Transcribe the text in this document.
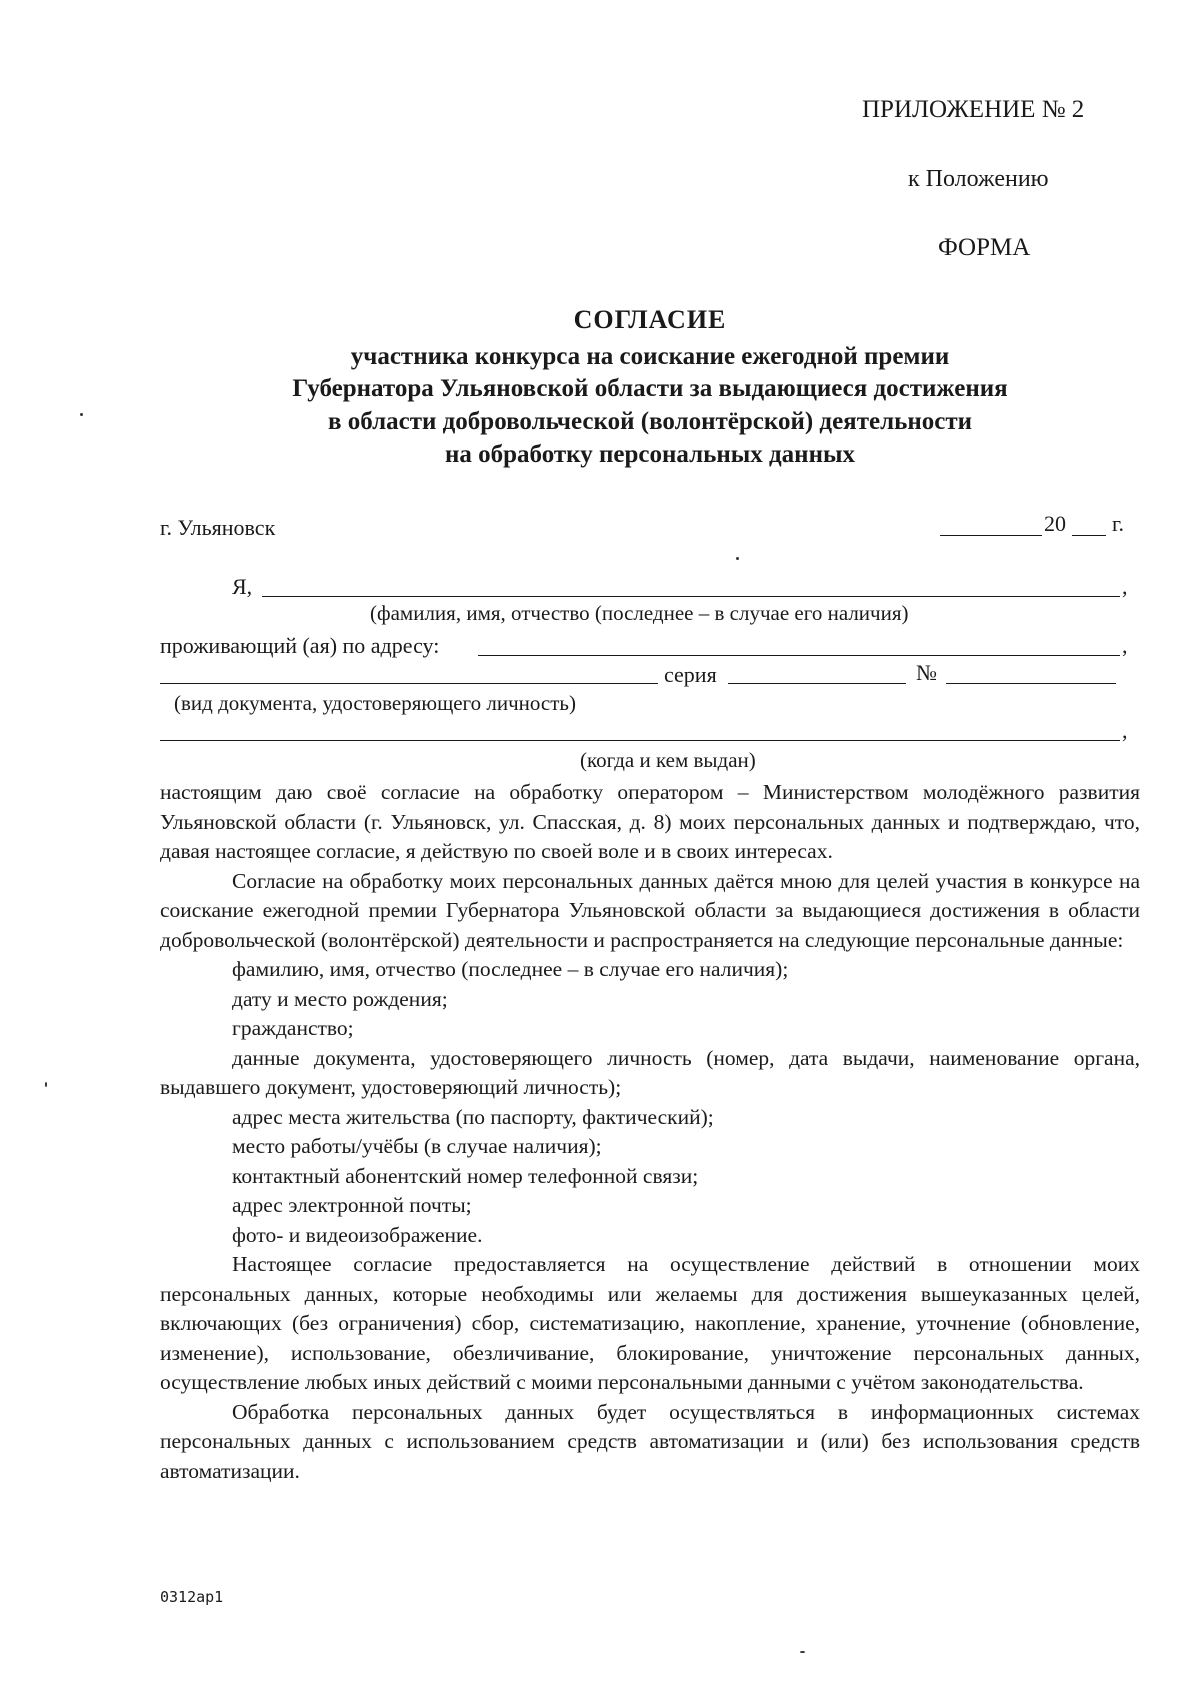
ПРИЛОЖЕНИЕ № 2
к Положению
ФОРМА
СОГЛАСИЕ
участника конкурса на соискание ежегодной премии
Губернатора Ульяновской области за выдающиеся достижения
в области добровольческой (волонтёрской) деятельности
на обработку персональных данных
г. Ульяновск	20 г.
Я,	,
(фамилия, имя, отчество (последнее – в случае его наличия)
проживающий (ая) по адресу:	,
серия	№
(вид документа, удостоверяющего личность)
,
(когда и кем выдан)

настоящим даю своё согласие на обработку оператором – Министерством молодёжного развития Ульяновской области (г. Ульяновск, ул. Спасская, д. 8) моих персональных данных и подтверждаю, что, давая настоящее согласие, я действую по своей воле и в своих интересах.

Согласие на обработку моих персональных данных даётся мною для целей участия в конкурсе на соискание ежегодной премии Губернатора Ульяновской области за выдающиеся достижения в области добровольческой (волонтёрской) деятельности и распространяется на следующие персональные данные:

фамилию, имя, отчество (последнее – в случае его наличия);

дату и место рождения;

гражданство;

данные документа, удостоверяющего личность (номер, дата выдачи, наименование органа, выдавшего документ, удостоверяющий личность);

адрес места жительства (по паспорту, фактический);

место работы/учёбы (в случае наличия);

контактный абонентский номер телефонной связи;

адрес электронной почты;

фото- и видеоизображение.

Настоящее согласие предоставляется на осуществление действий в отношении моих персональных данных, которые необходимы или желаемы для достижения вышеуказанных целей, включающих (без ограничения) сбор, систематизацию, накопление, хранение, уточнение (обновление, изменение), использование, обезличивание, блокирование, уничтожение персональных данных, осуществление любых иных действий с моими персональными данными с учётом законодательства.

Обработка персональных данных будет осуществляться в информационных системах персональных данных с использованием средств автоматизации и (или) без использования средств автоматизации.

0312ap1
